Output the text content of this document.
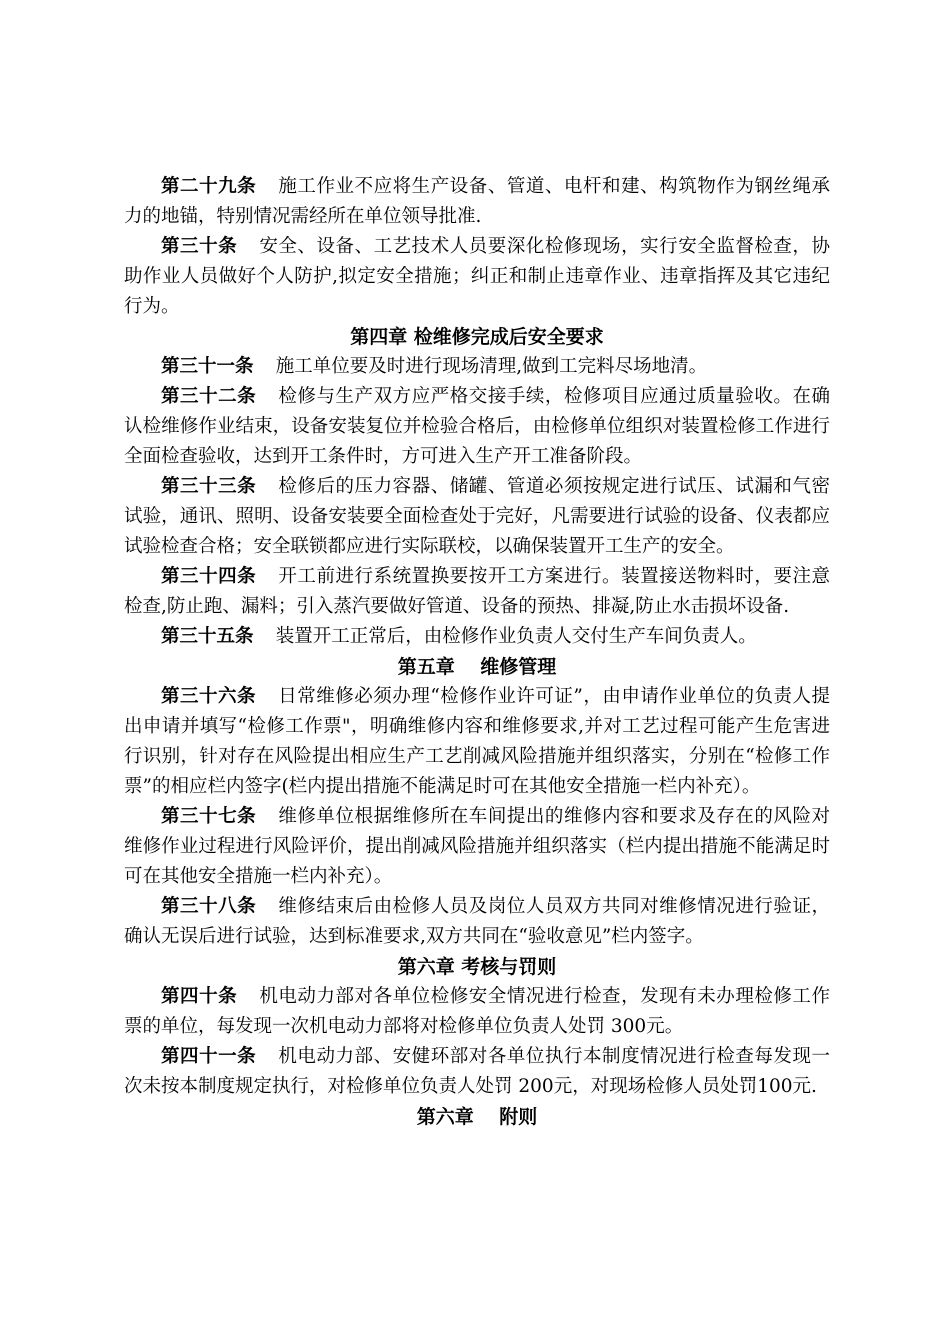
第二十九条 施工作业不应将生产设备、管道、电杆和建、构筑物作为钢丝绳承力的地锚，特别情况需经所在单位领导批准.

第三十条 安全、设备、工艺技术人员要深化检修现场，实行安全监督检查，协助作业人员做好个人防护,拟定安全措施；纠正和制止违章作业、违章指挥及其它违纪行为。

第四章 检维修完成后安全要求

第三十一条 施工单位要及时进行现场清理,做到工完料尽场地清。

第三十二条 检修与生产双方应严格交接手续，检修项目应通过质量验收。在确认检维修作业结束，设备安装复位并检验合格后，由检修单位组织对装置检修工作进行全面检查验收，达到开工条件时，方可进入生产开工准备阶段。

第三十三条 检修后的压力容器、储罐、管道必须按规定进行试压、试漏和气密试验，通讯、照明、设备安装要全面检查处于完好，凡需要进行试验的设备、仪表都应试验检查合格；安全联锁都应进行实际联校，以确保装置开工生产的安全。

第三十四条 开工前进行系统置换要按开工方案进行。装置接送物料时，要注意检查,防止跑、漏料；引入蒸汽要做好管道、设备的预热、排凝,防止水击损坏设备.

第三十五条 装置开工正常后，由检修作业负责人交付生产车间负责人。

第五章　 维修管理

第三十六条 日常维修必须办理“检修作业许可证”，由申请作业单位的负责人提出申请并填写“检修工作票"，明确维修内容和维修要求,并对工艺过程可能产生危害进行识别，针对存在风险提出相应生产工艺削减风险措施并组织落实，分别在“检修工作票”的相应栏内签字(栏内提出措施不能满足时可在其他安全措施一栏内补充）。

第三十七条 维修单位根据维修所在车间提出的维修内容和要求及存在的风险对维修作业过程进行风险评价，提出削减风险措施并组织落实（栏内提出措施不能满足时可在其他安全措施一栏内补充）。

第三十八条 维修结束后由检修人员及岗位人员双方共同对维修情况进行验证，确认无误后进行试验，达到标准要求,双方共同在“验收意见”栏内签字。

第六章 考核与罚则

第四十条 机电动力部对各单位检修安全情况进行检查，发现有未办理检修工作票的单位，每发现一次机电动力部将对检修单位负责人处罚 300元。

第四十一条 机电动力部、安健环部对各单位执行本制度情况进行检查每发现一次未按本制度规定执行，对检修单位负责人处罚 200元，对现场检修人员处罚100元.

第六章　 附则
